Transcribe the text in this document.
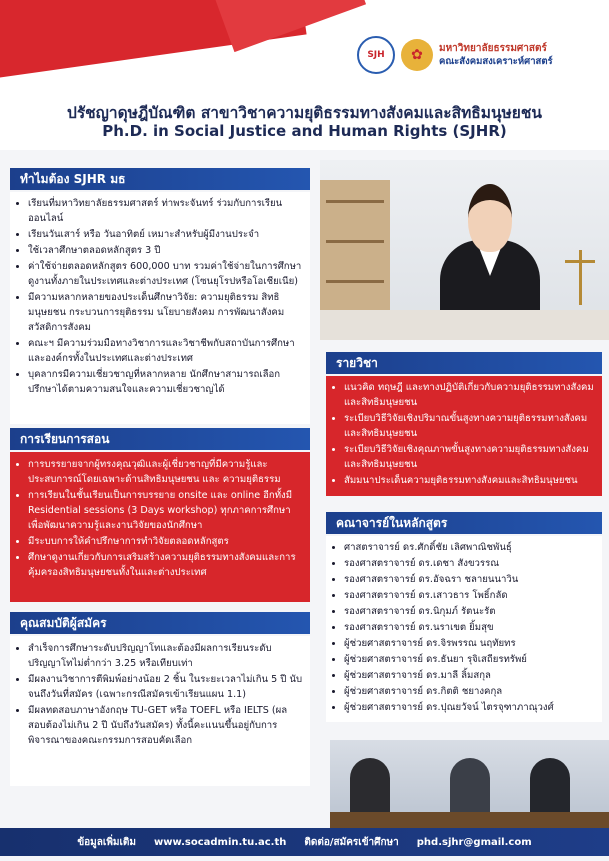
SJH	✿	มหาวิทยาลัยธรรมศาสตร์
คณะสังคมสงเคราะห์ศาสตร์
ปรัชญาดุษฎีบัณฑิต สาขาวิชาความยุติธรรมทางสังคมและสิทธิมนุษยชน
Ph.D. in Social Justice and Human Rights (SJHR)
ทำไมต้อง SJHR มธ
• เรียนที่มหาวิทยาลัยธรรมศาสตร์ ท่าพระจันทร์ ร่วมกับการเรียนออนไลน์
• เรียนวันเสาร์ หรือ วันอาทิตย์ เหมาะสำหรับผู้มีงานประจำ
• ใช้เวลาศึกษาตลอดหลักสูตร 3 ปี
• ค่าใช้จ่ายตลอดหลักสูตร 600,000 บาท รวมค่าใช้จ่ายในการศึกษาดูงานทั้งภายในประเทศและต่างประเทศ (โซนยุโรปหรือโอเชียเนีย)
• มีความหลากหลายของประเด็นศึกษาวิจัย: ความยุติธรรม สิทธิมนุษยชน กระบวนการยุติธรรม นโยบายสังคม การพัฒนาสังคม สวัสดิการสังคม
• คณะฯ มีความร่วมมือทางวิชาการและวิชาชีพกับสถาบันการศึกษาและองค์กรทั้งในประเทศและต่างประเทศ
• บุคลากรมีความเชี่ยวชาญที่หลากหลาย นักศึกษาสามารถเลือกปรึกษาได้ตามความสนใจและความเชี่ยวชาญได้
การเรียนการสอน
• การบรรยายจากผู้ทรงคุณวุฒิและผู้เชี่ยวชาญที่มีความรู้และประสบการณ์โดยเฉพาะด้านสิทธิมนุษยชน และ ความยุติธรรม
• การเรียนในชั้นเรียนเป็นการบรรยาย onsite และ online อีกทั้งมี Residential sessions (3 Days workshop) ทุกภาคการศึกษา เพื่อพัฒนาความรู้และงานวิจัยของนักศึกษา
• มีระบบการให้คำปรึกษาการทำวิจัยตลอดหลักสูตร
• ศึกษาดูงานเกี่ยวกับการเสริมสร้างความยุติธรรมทางสังคมและการคุ้มครองสิทธิมนุษยชนทั้งในและต่างประเทศ
คุณสมบัติผู้สมัคร
• สำเร็จการศึกษาระดับปริญญาโทและต้องมีผลการเรียนระดับปริญญาโทไม่ต่ำกว่า 3.25 หรือเทียบเท่า
• มีผลงานวิชาการตีพิมพ์อย่างน้อย 2 ชิ้น ในระยะเวลาไม่เกิน 5 ปี นับจนถึงวันที่สมัคร (เฉพาะกรณีสมัครเข้าเรียนแผน 1.1)
• มีผลทดสอบภาษาอังกฤษ TU-GET หรือ TOEFL หรือ IELTS (ผลสอบต้องไม่เกิน 2 ปี นับถึงวันสมัคร) ทั้งนี้คะแนนขึ้นอยู่กับการพิจารณาของคณะกรรมการสอบคัดเลือก
รายวิชา
• แนวคิด ทฤษฎี และทางปฏิบัติเกี่ยวกับความยุติธรรมทางสังคมและสิทธิมนุษยชน
• ระเบียบวิธีวิจัยเชิงปริมาณขั้นสูงทางความยุติธรรมทางสังคมและสิทธิมนุษยชน
• ระเบียบวิธีวิจัยเชิงคุณภาพขั้นสูงทางความยุติธรรมทางสังคมและสิทธิมนุษยชน
• สัมมนาประเด็นความยุติธรรมทางสังคมและสิทธิมนุษยชน
คณาจารย์ในหลักสูตร
• ศาสตราจารย์ ดร.ศักดิ์ชัย เลิศพาณิชพันธุ์
• รองศาสตราจารย์ ดร.เดชา สังขวรรณ
• รองศาสตราจารย์ ดร.อัจฉรา ชลายนนาวิน
• รองศาสตราจารย์ ดร.เสาวธาร โพธิ์กลัด
• รองศาสตราจารย์ ดร.นิกุมภ์ รัตนะรัต
• รองศาสตราจารย์ ดร.นราเขต ยิ้มสุข
• ผู้ช่วยศาสตราจารย์ ดร.จิรพรรณ นฤทัยทร
• ผู้ช่วยศาสตราจารย์ ดร.ธันยา รุจิเสถียรทรัพย์
• ผู้ช่วยศาสตราจารย์ ดร.มาลี ลิ้มสกุล
• ผู้ช่วยศาสตราจารย์ ดร.กิตติ ชยางคกุล
• ผู้ช่วยศาสตราจารย์ ดร.ปุณยวัจน์ ไตรจุฑาภาณุวงศ์
ข้อมูลเพิ่มเติม www.socadmin.tu.ac.th ติดต่อ/สมัครเข้าศึกษา phd.sjhr@gmail.com
